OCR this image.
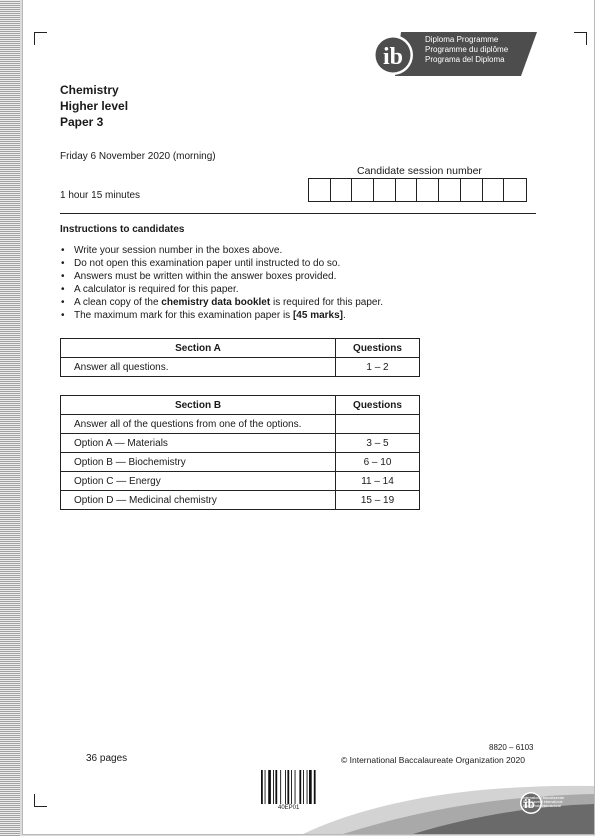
ib
Diploma Programme
Programme du diplôme
Programa del Diploma
Chemistry
Higher level
Paper 3
Friday 6 November 2020 (morning)
1 hour 15 minutes
Candidate session number
Instructions to candidates
• Write your session number in the boxes above.
• Do not open this examination paper until instructed to do so.
• Answers must be written within the answer boxes provided.
• A calculator is required for this paper.
• A clean copy of the chemistry data booklet is required for this paper.
• The maximum mark for this examination paper is [45 marks].
Section A	Questions
Answer all questions.	1 – 2
Section B	Questions
Answer all of the questions from one of the options.	
Option A — Materials	3 – 5
Option B — Biochemistry	6 – 10
Option C — Energy	11 – 14
Option D — Medicinal chemistry	15 – 19
36 pages
8820 – 6103
© International Baccalaureate Organization 2020
40EP01	ib
International Baccalaureate
Baccalauréat International
Bachillerato Internacional
